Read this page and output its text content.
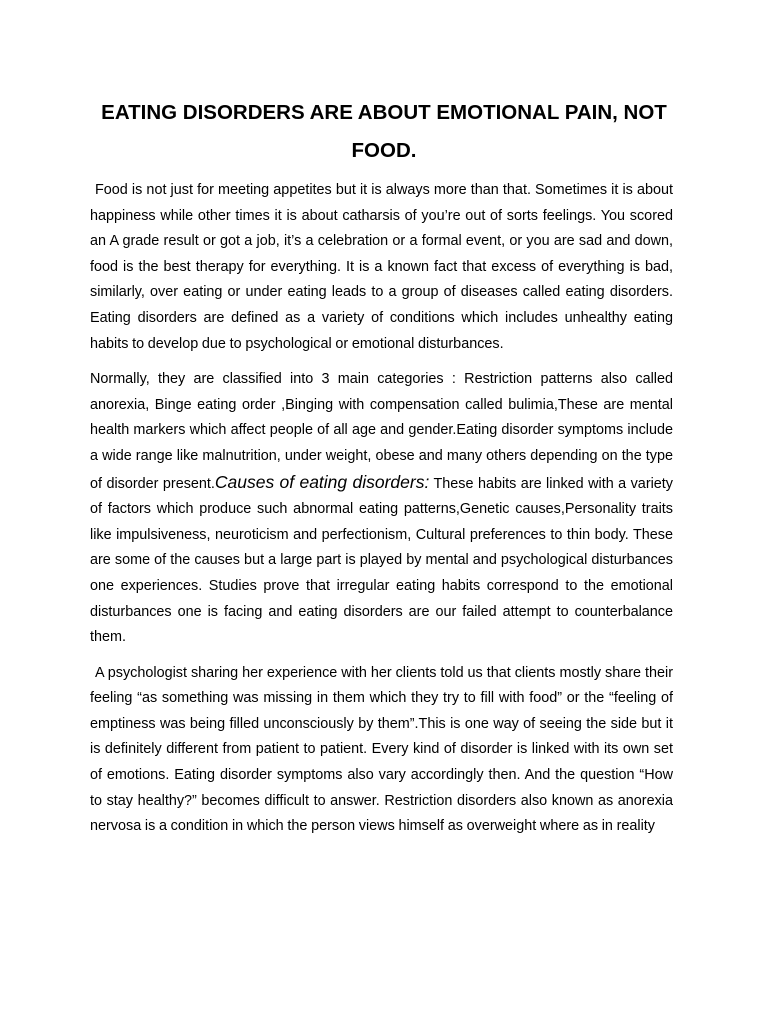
EATING DISORDERS ARE ABOUT EMOTIONAL PAIN, NOT FOOD.

Food is not just for meeting appetites but it is always more than that. Sometimes it is about happiness while other times it is about catharsis of you’re out of sorts feelings. You scored an A grade result or got a job, it’s a celebration or a formal event, or you are sad and down, food is the best therapy for everything. It is a known fact that excess of everything is bad, similarly, over eating or under eating leads to a group of diseases called eating disorders. Eating disorders are defined as a variety of conditions which includes unhealthy eating habits to develop due to psychological or emotional disturbances.

Normally, they are classified into 3 main categories : Restriction patterns also called anorexia, Binge eating order ,Binging with compensation called bulimia,These are mental health markers which affect people of all age and gender.Eating disorder symptoms include a wide range like malnutrition, under weight, obese and many others depending on the type of disorder present.Causes of eating disorders: These habits are linked with a variety of factors which produce such abnormal eating patterns,Genetic causes,Personality traits like impulsiveness, neuroticism and perfectionism, Cultural preferences to thin body. These are some of the causes but a large part is played by mental and psychological disturbances one experiences. Studies prove that irregular eating habits correspond to the emotional disturbances one is facing and eating disorders are our failed attempt to counterbalance them.

A psychologist sharing her experience with her clients told us that clients mostly share their feeling “as something was missing in them which they try to fill with food” or the “feeling of emptiness was being filled unconsciously by them”.This is one way of seeing the side but it is definitely different from patient to patient. Every kind of disorder is linked with its own set of emotions. Eating disorder symptoms also vary accordingly then. And the question “How to stay healthy?” becomes difficult to answer. Restriction disorders also known as anorexia nervosa is a condition in which the person views himself as overweight where as in reality
